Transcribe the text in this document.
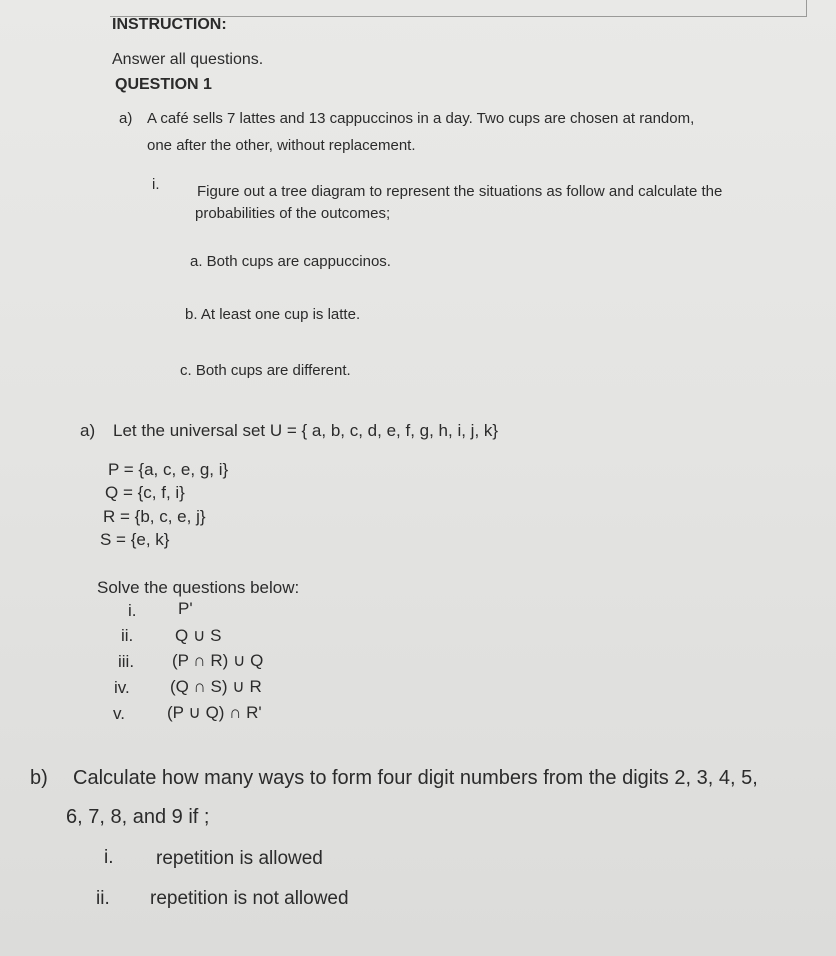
INSTRUCTION:
Answer all questions.
QUESTION 1
a) A café sells 7 lattes and 13 cappuccinos in a day. Two cups are chosen at random,
one after the other, without replacement.
i.	Figure out a tree diagram to represent the situations as follow and calculate the
probabilities of the outcomes;
a. Both cups are cappuccinos.
b. At least one cup is latte.
c. Both cups are different.
a) Let the universal set U = { a, b, c, d, e, f, g, h, i, j, k}
P = {a, c, e, g, i}
Q = {c, f, i}
R = {b, c, e, j}
S = {e, k}
Solve the questions below:
i. P'
ii. Q ∪ S
iii. (P ∩ R) ∪ Q
iv. (Q ∩ S) ∪ R
v. (P ∪ Q) ∩ R'
b) Calculate how many ways to form four digit numbers from the digits 2, 3, 4, 5,
6, 7, 8, and 9 if ;
i. repetition is allowed
ii. repetition is not allowed
